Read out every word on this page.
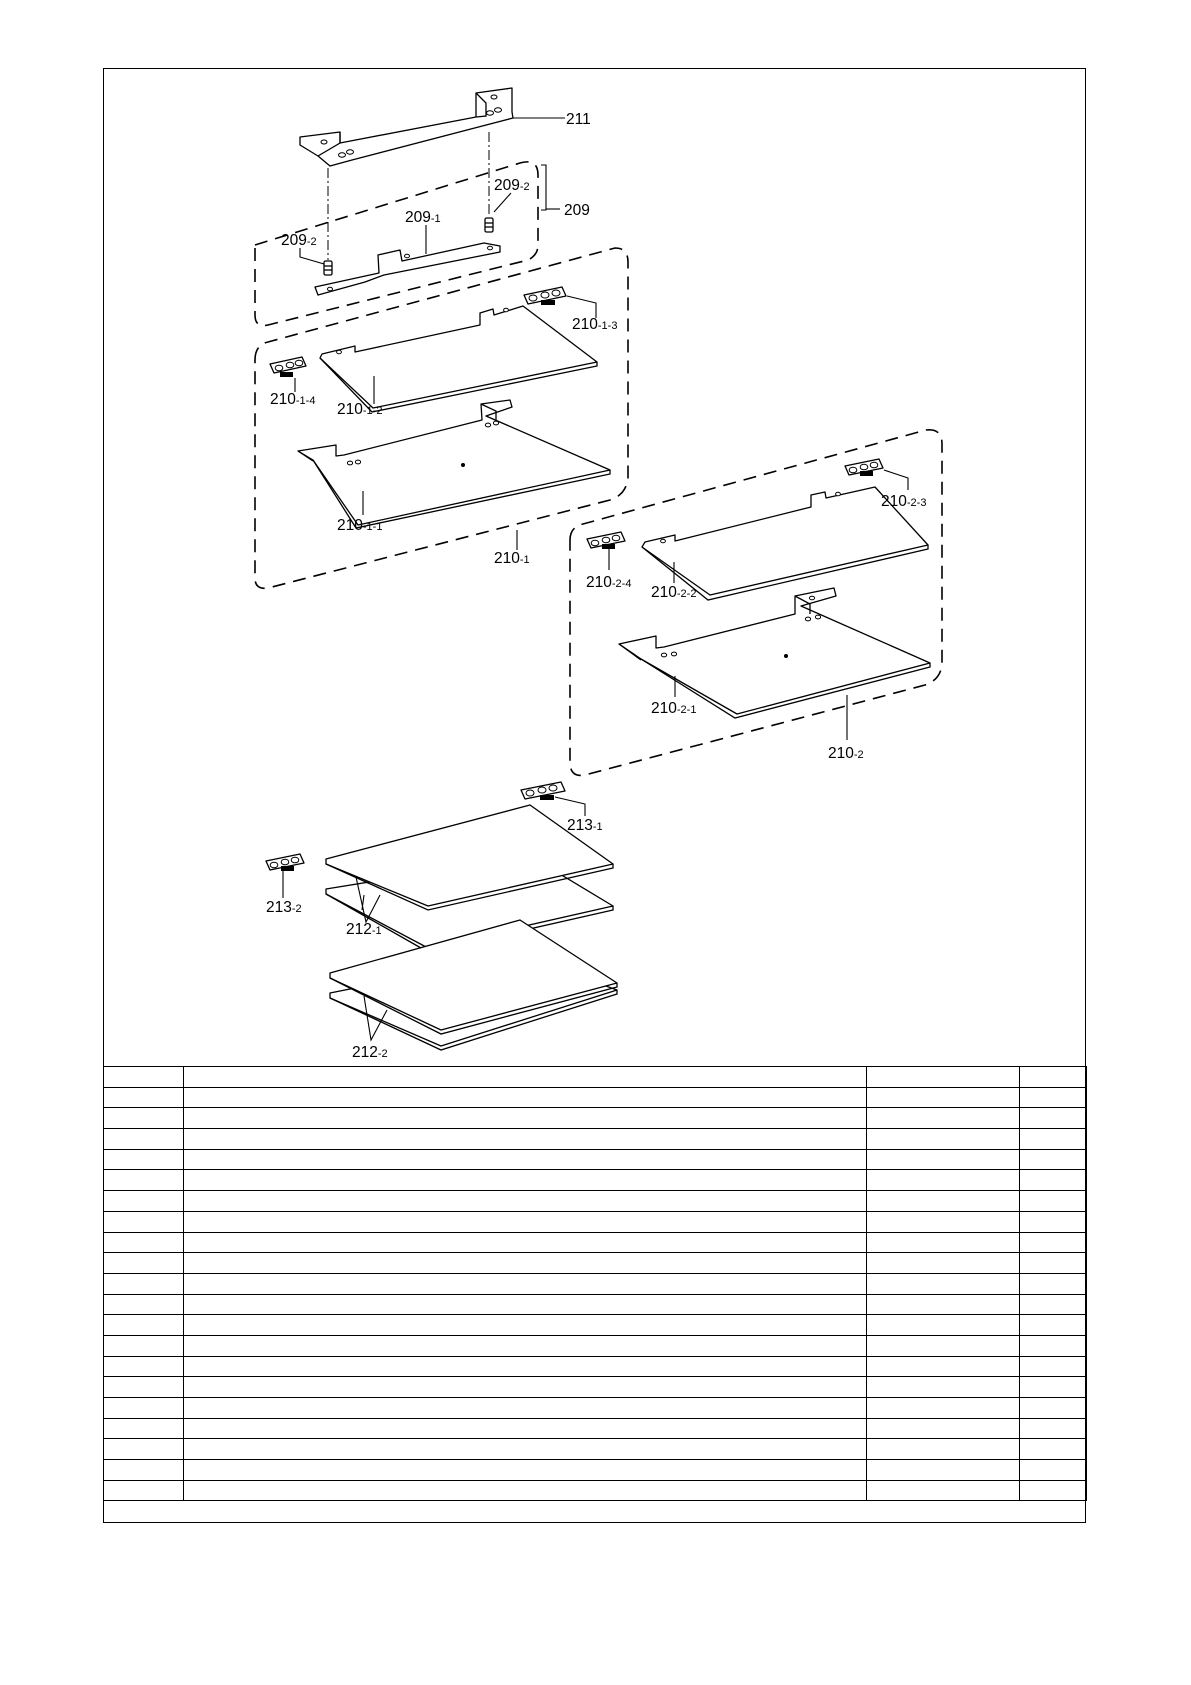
211
209-2
209
209-1
209-2
210-1-3
210-1-4 210-1-2
210-1-1
210-1
210-2-3
210-2-4 210-2-2
210-2-1
210-2
213-1
213-2
212-1
212-2
